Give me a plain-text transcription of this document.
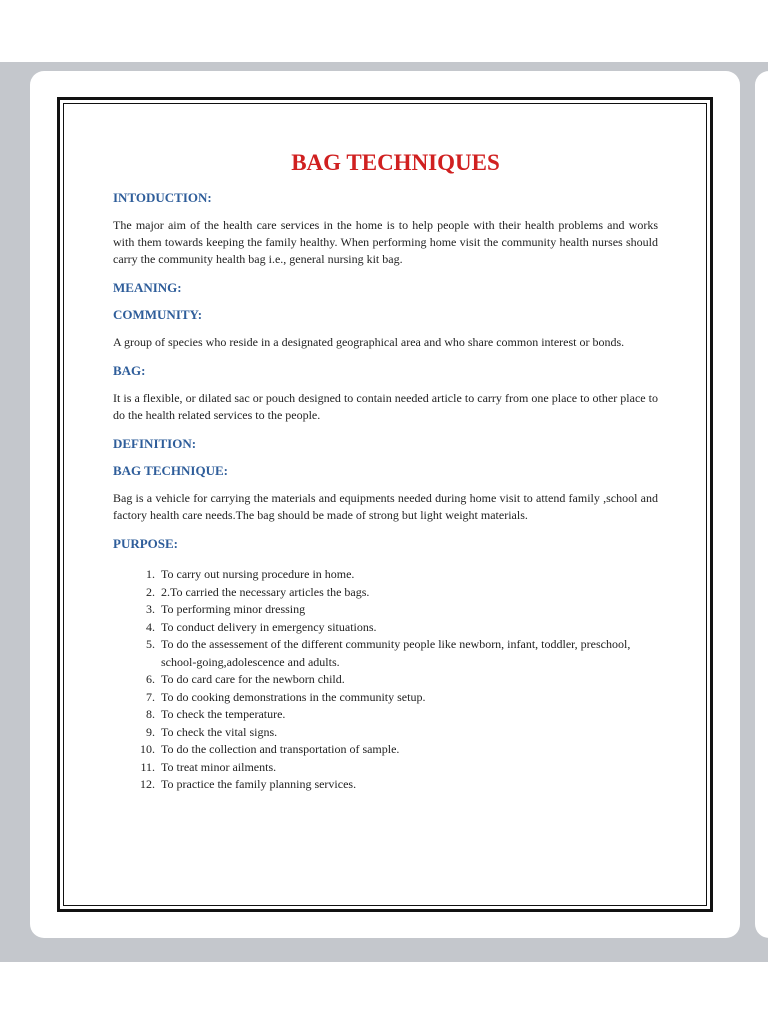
BAG TECHNIQUES
INTODUCTION:
The major aim of the health care services in the home is to help people with their health problems and works with them towards keeping the family healthy. When performing home visit the community health nurses should carry the community health bag i.e., general nursing kit bag.
MEANING:
COMMUNITY:
A group of species who reside in a designated geographical area and who share common interest or bonds.
BAG:
It is a flexible, or dilated sac or pouch designed to contain needed article to carry from one place to other place to do the health related services to the people.
DEFINITION:
BAG TECHNIQUE:
Bag is a vehicle for carrying the materials and equipments needed during home visit to attend family ,school and factory health care needs.The bag should be made of strong but light weight materials.
PURPOSE:
1. To carry out nursing procedure in home.
2. 2.To carried the necessary articles the bags.
3. To performing minor dressing
4. To conduct delivery in emergency situations.
5. To do the assessement of the different community people like newborn, infant, toddler, preschool, school-going,adolescence and adults.
6. To do card care for the newborn child.
7. To do cooking demonstrations in the community setup.
8. To check the temperature.
9. To check the vital signs.
10. To do the collection and transportation of sample.
11. To treat minor ailments.
12. To practice the family planning services.
